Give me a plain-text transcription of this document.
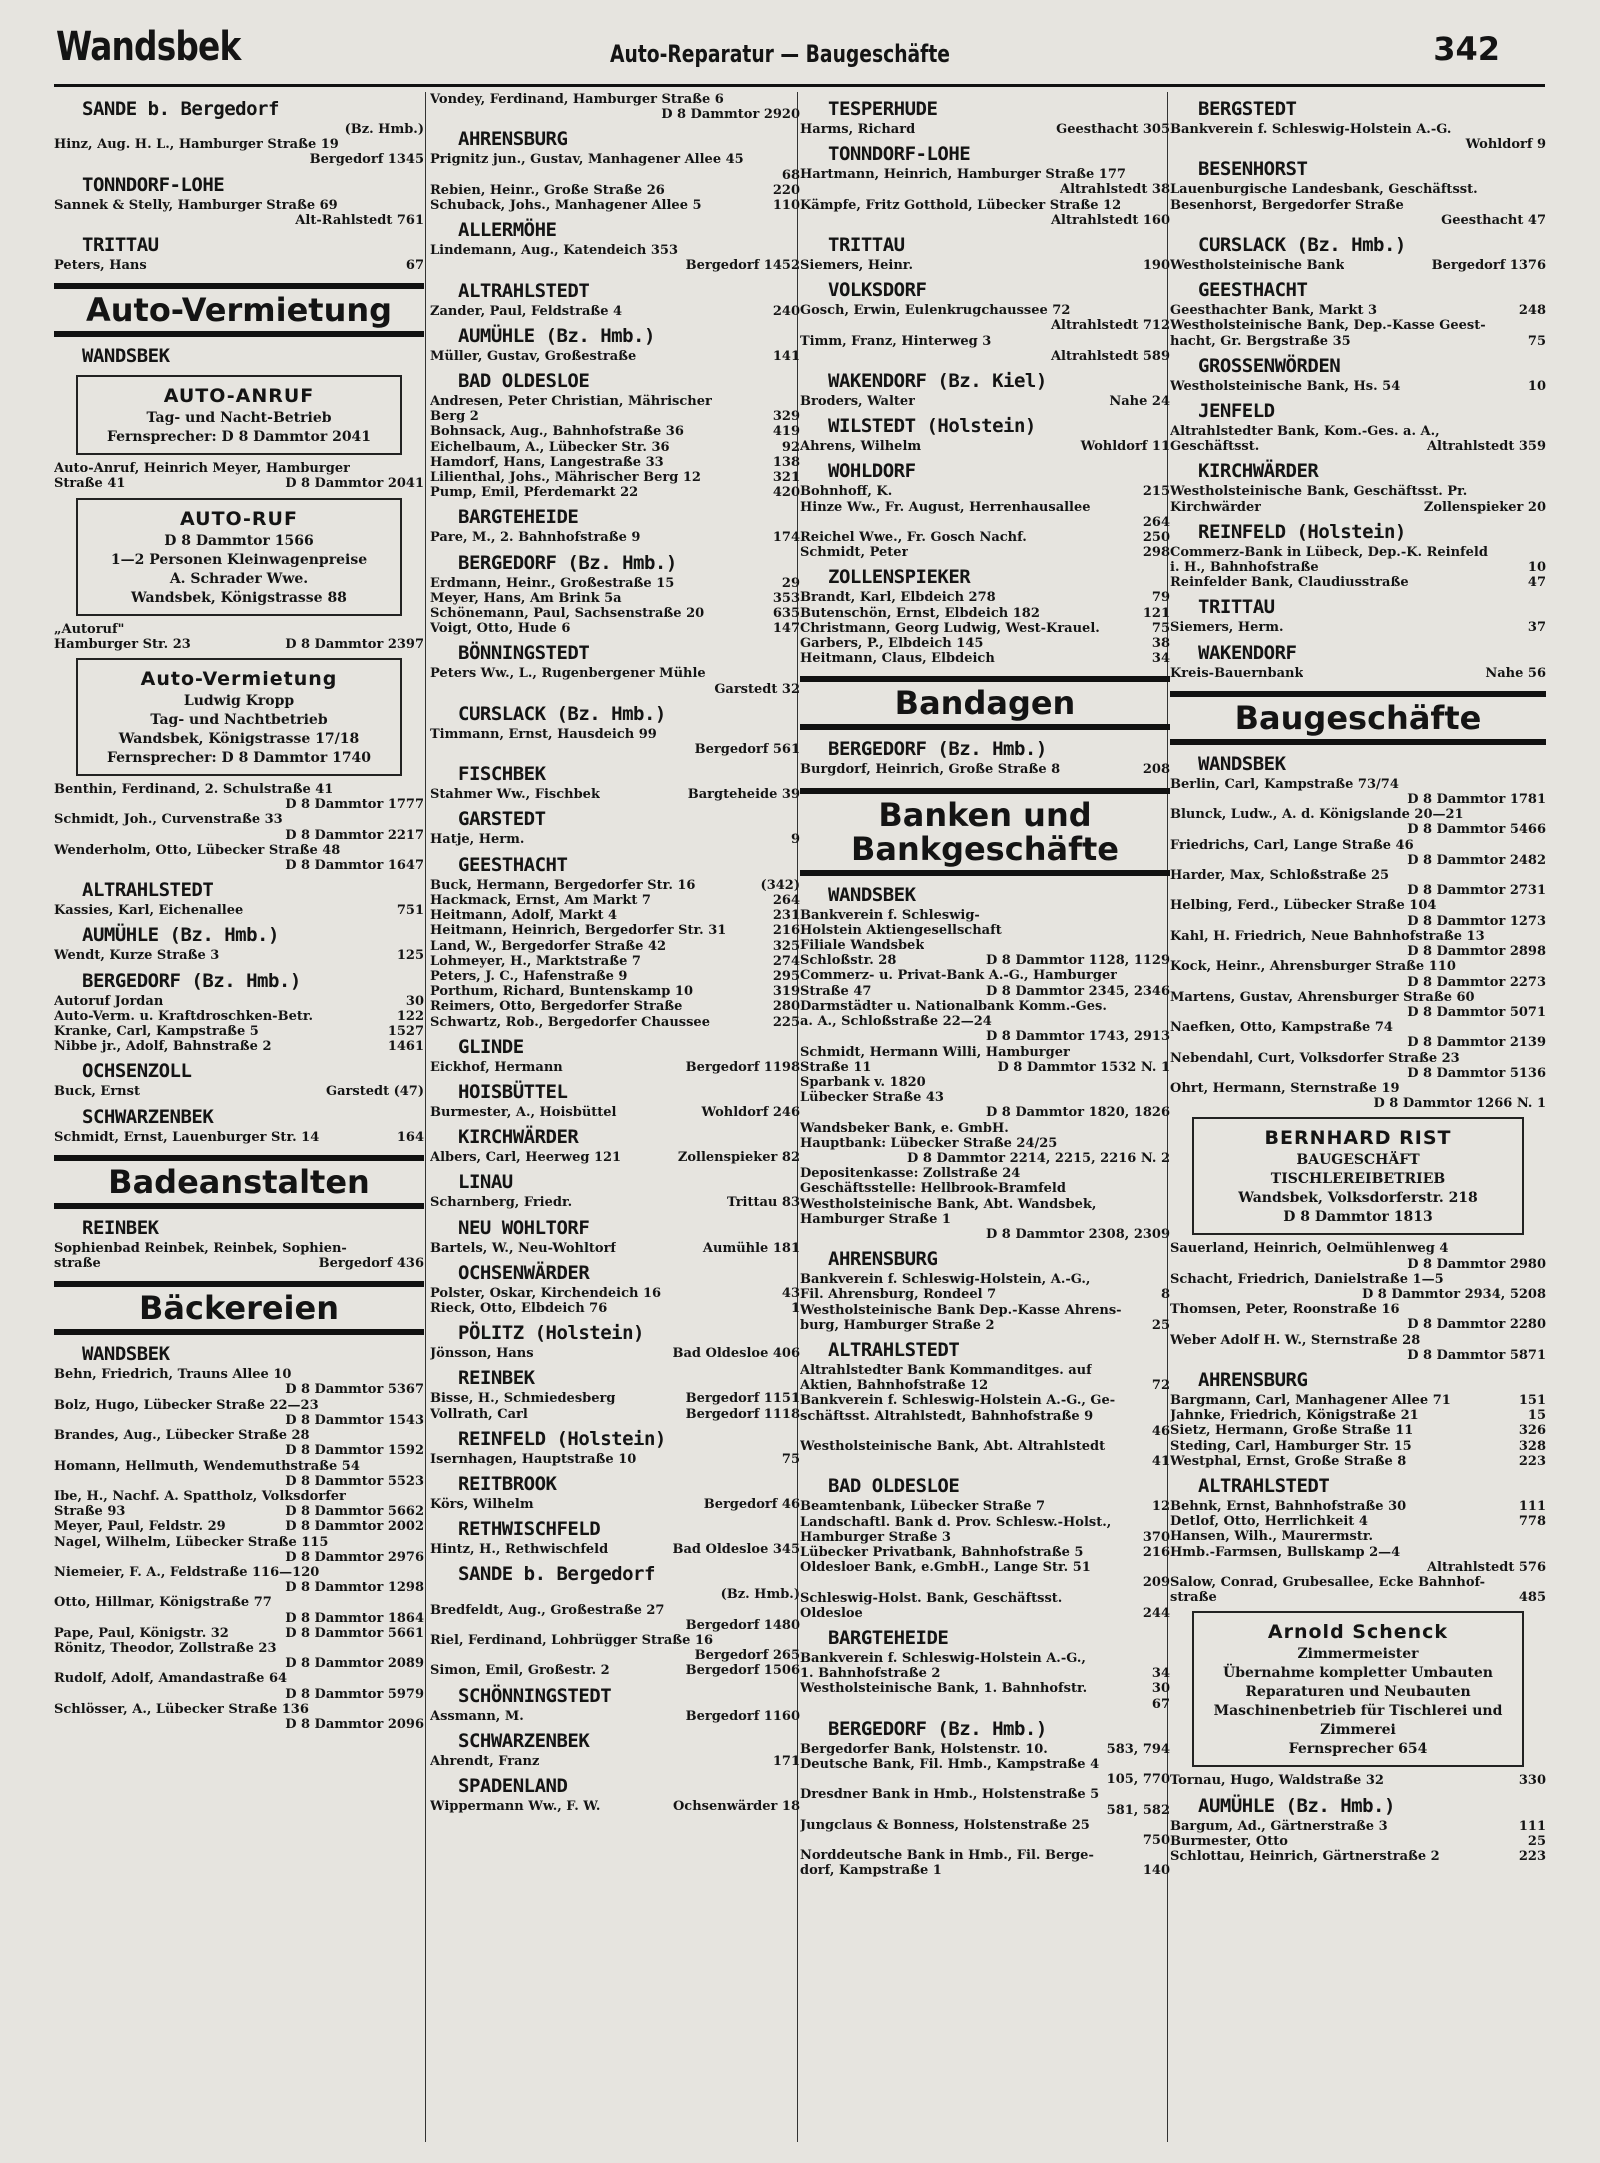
Wandsbek	Auto-Reparatur — Baugeschäfte	342
SANDE b. Bergedorf
(Bz. Hmb.)
Hinz, Aug. H. L., Hamburger Straße 19
Bergedorf 1345
TONNDORF-LOHE
Sannek & Stelly, Hamburger Straße 69
Alt-Rahlstedt 761
TRITTAU
Peters, Hans	67
Auto-Vermietung
WANDSBEK
AUTO-ANRUF
Tag- und Nacht-Betrieb
Fernsprecher: D 8 Dammtor 2041
Auto-Anruf, Heinrich Meyer, Hamburger
Straße 41	D 8 Dammtor 2041
AUTO-RUF
D 8 Dammtor 1566
1—2 Personen Kleinwagenpreise
A. Schrader Wwe.
Wandsbek, Königstrasse 88
„Autoruf"
Hamburger Str. 23	D 8 Dammtor 2397
Auto-Vermietung
Ludwig Kropp
Tag- und Nachtbetrieb
Wandsbek, Königstrasse 17/18
Fernsprecher: D 8 Dammtor 1740
Benthin, Ferdinand, 2. Schulstraße 41
D 8 Dammtor 1777
Schmidt, Joh., Curvenstraße 33
D 8 Dammtor 2217
Wenderholm, Otto, Lübecker Straße 48
D 8 Dammtor 1647
ALTRAHLSTEDT
Kassies, Karl, Eichenallee	751
AUMÜHLE (Bz. Hmb.)
Wendt, Kurze Straße 3	125
BERGEDORF (Bz. Hmb.)
Autoruf Jordan	30
Auto-Verm. u. Kraftdroschken-Betr.	122
Kranke, Carl, Kampstraße 5	1527
Nibbe jr., Adolf, Bahnstraße 2	1461
OCHSENZOLL
Buck, Ernst	Garstedt (47)
SCHWARZENBEK
Schmidt, Ernst, Lauenburger Str. 14	164
Badeanstalten
REINBEK
Sophienbad Reinbek, Reinbek, Sophien-
straße	Bergedorf 436
Bäckereien
WANDSBEK
Behn, Friedrich, Trauns Allee 10
D 8 Dammtor 5367
Bolz, Hugo, Lübecker Straße 22—23
D 8 Dammtor 1543
Brandes, Aug., Lübecker Straße 28
D 8 Dammtor 1592
Homann, Hellmuth, Wendemuthstraße 54
D 8 Dammtor 5523
Ibe, H., Nachf. A. Spattholz, Volksdorfer
Straße 93	D 8 Dammtor 5662
Meyer, Paul, Feldstr. 29	D 8 Dammtor 2002
Nagel, Wilhelm, Lübecker Straße 115
D 8 Dammtor 2976
Niemeier, F. A., Feldstraße 116—120
D 8 Dammtor 1298
Otto, Hillmar, Königstraße 77
D 8 Dammtor 1864
Pape, Paul, Königstr. 32	D 8 Dammtor 5661
Rönitz, Theodor, Zollstraße 23
D 8 Dammtor 2089
Rudolf, Adolf, Amandastraße 64
D 8 Dammtor 5979
Schlösser, A., Lübecker Straße 136
D 8 Dammtor 2096
Vondey, Ferdinand, Hamburger Straße 6
D 8 Dammtor 2920
AHRENSBURG
Prignitz jun., Gustav, Manhagener Allee 45
68
Rebien, Heinr., Große Straße 26	220
Schuback, Johs., Manhagener Allee 5	110
ALLERMÖHE
Lindemann, Aug., Katendeich 353
Bergedorf 1452
ALTRAHLSTEDT
Zander, Paul, Feldstraße 4	240
AUMÜHLE (Bz. Hmb.)
Müller, Gustav, Großestraße	141
BAD OLDESLOE
Andresen, Peter Christian, Mährischer
Berg 2	329
Bohnsack, Aug., Bahnhofstraße 36	419
Eichelbaum, A., Lübecker Str. 36	92
Hamdorf, Hans, Langestraße 33	138
Lilienthal, Johs., Mährischer Berg 12	321
Pump, Emil, Pferdemarkt 22	420
BARGTEHEIDE
Pare, M., 2. Bahnhofstraße 9	174
BERGEDORF (Bz. Hmb.)
Erdmann, Heinr., Großestraße 15	29
Meyer, Hans, Am Brink 5a	353
Schönemann, Paul, Sachsenstraße 20	635
Voigt, Otto, Hude 6	147
BÖNNINGSTEDT
Peters Ww., L., Rugenbergener Mühle
Garstedt 32
CURSLACK (Bz. Hmb.)
Timmann, Ernst, Hausdeich 99
Bergedorf 561
FISCHBEK
Stahmer Ww., Fischbek	Bargteheide 39
GARSTEDT
Hatje, Herm.	9
GEESTHACHT
Buck, Hermann, Bergedorfer Str. 16	(342)
Hackmack, Ernst, Am Markt 7	264
Heitmann, Adolf, Markt 4	231
Heitmann, Heinrich, Bergedorfer Str. 31	216
Land, W., Bergedorfer Straße 42	325
Lohmeyer, H., Marktstraße 7	274
Peters, J. C., Hafenstraße 9	295
Porthum, Richard, Buntenskamp 10	319
Reimers, Otto, Bergedorfer Straße	280
Schwartz, Rob., Bergedorfer Chaussee	225
GLINDE
Eickhof, Hermann	Bergedorf 1198
HOISBÜTTEL
Burmester, A., Hoisbüttel	Wohldorf 246
KIRCHWÄRDER
Albers, Carl, Heerweg 121	Zollenspieker 82
LINAU
Scharnberg, Friedr.	Trittau 83
NEU WOHLTORF
Bartels, W., Neu-Wohltorf	Aumühle 181
OCHSENWÄRDER
Polster, Oskar, Kirchendeich 16	43
Rieck, Otto, Elbdeich 76	1
PÖLITZ (Holstein)
Jönsson, Hans	Bad Oldesloe 406
REINBEK
Bisse, H., Schmiedesberg	Bergedorf 1151
Vollrath, Carl	Bergedorf 1118
REINFELD (Holstein)
Isernhagen, Hauptstraße 10	75
REITBROOK
Körs, Wilhelm	Bergedorf 46
RETHWISCHFELD
Hintz, H., Rethwischfeld	Bad Oldesloe 345
SANDE b. Bergedorf
(Bz. Hmb.)
Bredfeldt, Aug., Großestraße 27
Bergedorf 1480
Riel, Ferdinand, Lohbrügger Straße 16
Bergedorf 265
Simon, Emil, Großestr. 2	Bergedorf 1506
SCHÖNNINGSTEDT
Assmann, M.	Bergedorf 1160
SCHWARZENBEK
Ahrendt, Franz	171
SPADENLAND
Wippermann Ww., F. W.	Ochsenwärder 18
TESPERHUDE
Harms, Richard	Geesthacht 305
TONNDORF-LOHE
Hartmann, Heinrich, Hamburger Straße 177
Altrahlstedt 38
Kämpfe, Fritz Gotthold, Lübecker Straße 12
Altrahlstedt 160
TRITTAU
Siemers, Heinr.	190
VOLKSDORF
Gosch, Erwin, Eulenkrugchaussee 72
Altrahlstedt 712
Timm, Franz, Hinterweg 3
Altrahlstedt 589
WAKENDORF (Bz. Kiel)
Broders, Walter	Nahe 24
WILSTEDT (Holstein)
Ahrens, Wilhelm	Wohldorf 11
WOHLDORF
Bohnhoff, K.	215
Hinze Ww., Fr. August, Herrenhausallee
264
Reichel Wwe., Fr. Gosch Nachf.	250
Schmidt, Peter	298
ZOLLENSPIEKER
Brandt, Karl, Elbdeich 278	79
Butenschön, Ernst, Elbdeich 182	121
Christmann, Georg Ludwig, West-Krauel.	75
Garbers, P., Elbdeich 145	38
Heitmann, Claus, Elbdeich	34
Bandagen
BERGEDORF (Bz. Hmb.)
Burgdorf, Heinrich, Große Straße 8	208
Banken und Bankgeschäfte
WANDSBEK
Bankverein f. Schleswig-
Holstein Aktiengesellschaft
Filiale Wandsbek
Schloßstr. 28	D 8 Dammtor 1128, 1129
Commerz- u. Privat-Bank A.-G., Hamburger
Straße 47	D 8 Dammtor 2345, 2346
Darmstädter u. Nationalbank Komm.-Ges.
a. A., Schloßstraße 22—24
D 8 Dammtor 1743, 2913
Schmidt, Hermann Willi, Hamburger
Straße 11	D 8 Dammtor 1532 N. 1
Sparbank v. 1820
Lübecker Straße 43
D 8 Dammtor 1820, 1826
Wandsbeker Bank, e. GmbH.
Hauptbank: Lübecker Straße 24/25
D 8 Dammtor 2214, 2215, 2216 N. 2
Depositenkasse: Zollstraße 24
Geschäftsstelle: Hellbrook-Bramfeld
Westholsteinische Bank, Abt. Wandsbek,
Hamburger Straße 1
D 8 Dammtor 2308, 2309
AHRENSBURG
Bankverein f. Schleswig-Holstein, A.-G.,
Fil. Ahrensburg, Rondeel 7	8
Westholsteinische Bank Dep.-Kasse Ahrens-
burg, Hamburger Straße 2	25
ALTRAHLSTEDT
Altrahlstedter Bank Kommanditges. auf
Aktien, Bahnhofstraße 12	72
Bankverein f. Schleswig-Holstein A.-G., Ge-
schäftsst. Altrahlstedt, Bahnhofstraße 9
46
Westholsteinische Bank, Abt. Altrahlstedt
41
BAD OLDESLOE
Beamtenbank, Lübecker Straße 7	12
Landschaftl. Bank d. Prov. Schlesw.-Holst.,
Hamburger Straße 3	370
Lübecker Privatbank, Bahnhofstraße 5	216
Oldesloer Bank, e.GmbH., Lange Str. 51
209
Schleswig-Holst. Bank, Geschäftsst.
Oldesloe	244
BARGTEHEIDE
Bankverein f. Schleswig-Holstein A.-G.,
1. Bahnhofstraße 2	34
Westholsteinische Bank, 1. Bahnhofstr.	30
67
BERGEDORF (Bz. Hmb.)
Bergedorfer Bank, Holstenstr. 10.	583, 794
Deutsche Bank, Fil. Hmb., Kampstraße 4
105, 770
Dresdner Bank in Hmb., Holstenstraße 5
581, 582
Jungclaus & Bonness, Holstenstraße 25
750
Norddeutsche Bank in Hmb., Fil. Berge-
dorf, Kampstraße 1	140
BERGSTEDT
Bankverein f. Schleswig-Holstein A.-G.
Wohldorf 9
BESENHORST
Lauenburgische Landesbank, Geschäftsst.
Besenhorst, Bergedorfer Straße
Geesthacht 47
CURSLACK (Bz. Hmb.)
Westholsteinische Bank	Bergedorf 1376
GEESTHACHT
Geesthachter Bank, Markt 3	248
Westholsteinische Bank, Dep.-Kasse Geest-
hacht, Gr. Bergstraße 35	75
GROSSENWÖRDEN
Westholsteinische Bank, Hs. 54	10
JENFELD
Altrahlstedter Bank, Kom.-Ges. a. A.,
Geschäftsst.	Altrahlstedt 359
KIRCHWÄRDER
Westholsteinische Bank, Geschäftsst. Pr.
Kirchwärder	Zollenspieker 20
REINFELD (Holstein)
Commerz-Bank in Lübeck, Dep.-K. Reinfeld
i. H., Bahnhofstraße	10
Reinfelder Bank, Claudiusstraße	47
TRITTAU
Siemers, Herm.	37
WAKENDORF
Kreis-Bauernbank	Nahe 56
Baugeschäfte
WANDSBEK
Berlin, Carl, Kampstraße 73/74
D 8 Dammtor 1781
Blunck, Ludw., A. d. Königslande 20—21
D 8 Dammtor 5466
Friedrichs, Carl, Lange Straße 46
D 8 Dammtor 2482
Harder, Max, Schloßstraße 25
D 8 Dammtor 2731
Helbing, Ferd., Lübecker Straße 104
D 8 Dammtor 1273
Kahl, H. Friedrich, Neue Bahnhofstraße 13
D 8 Dammtor 2898
Kock, Heinr., Ahrensburger Straße 110
D 8 Dammtor 2273
Martens, Gustav, Ahrensburger Straße 60
D 8 Dammtor 5071
Naefken, Otto, Kampstraße 74
D 8 Dammtor 2139
Nebendahl, Curt, Volksdorfer Straße 23
D 8 Dammtor 5136
Ohrt, Hermann, Sternstraße 19
D 8 Dammtor 1266 N. 1
BERNHARD RIST
BAUGESCHÄFT
TISCHLEREIBETRIEB
Wandsbek, Volksdorferstr. 218
D 8 Dammtor 1813
Sauerland, Heinrich, Oelmühlenweg 4
D 8 Dammtor 2980
Schacht, Friedrich, Danielstraße 1—5
D 8 Dammtor 2934, 5208
Thomsen, Peter, Roonstraße 16
D 8 Dammtor 2280
Weber Adolf H. W., Sternstraße 28
D 8 Dammtor 5871
AHRENSBURG
Bargmann, Carl, Manhagener Allee 71	151
Jahnke, Friedrich, Königstraße 21	15
Sietz, Hermann, Große Straße 11	326
Steding, Carl, Hamburger Str. 15	328
Westphal, Ernst, Große Straße 8	223
ALTRAHLSTEDT
Behnk, Ernst, Bahnhofstraße 30	111
Detlof, Otto, Herrlichkeit 4	778
Hansen, Wilh., Maurermstr.
Hmb.-Farmsen, Bullskamp 2—4
Altrahlstedt 576
Salow, Conrad, Grubesallee, Ecke Bahnhof-
straße	485
Arnold Schenck
Zimmermeister
Übernahme kompletter Umbauten
Reparaturen und Neubauten
Maschinenbetrieb für Tischlerei und
Zimmerei
Fernsprecher 654
Tornau, Hugo, Waldstraße 32	330
AUMÜHLE (Bz. Hmb.)
Bargum, Ad., Gärtnerstraße 3	111
Burmester, Otto	25
Schlottau, Heinrich, Gärtnerstraße 2	223
